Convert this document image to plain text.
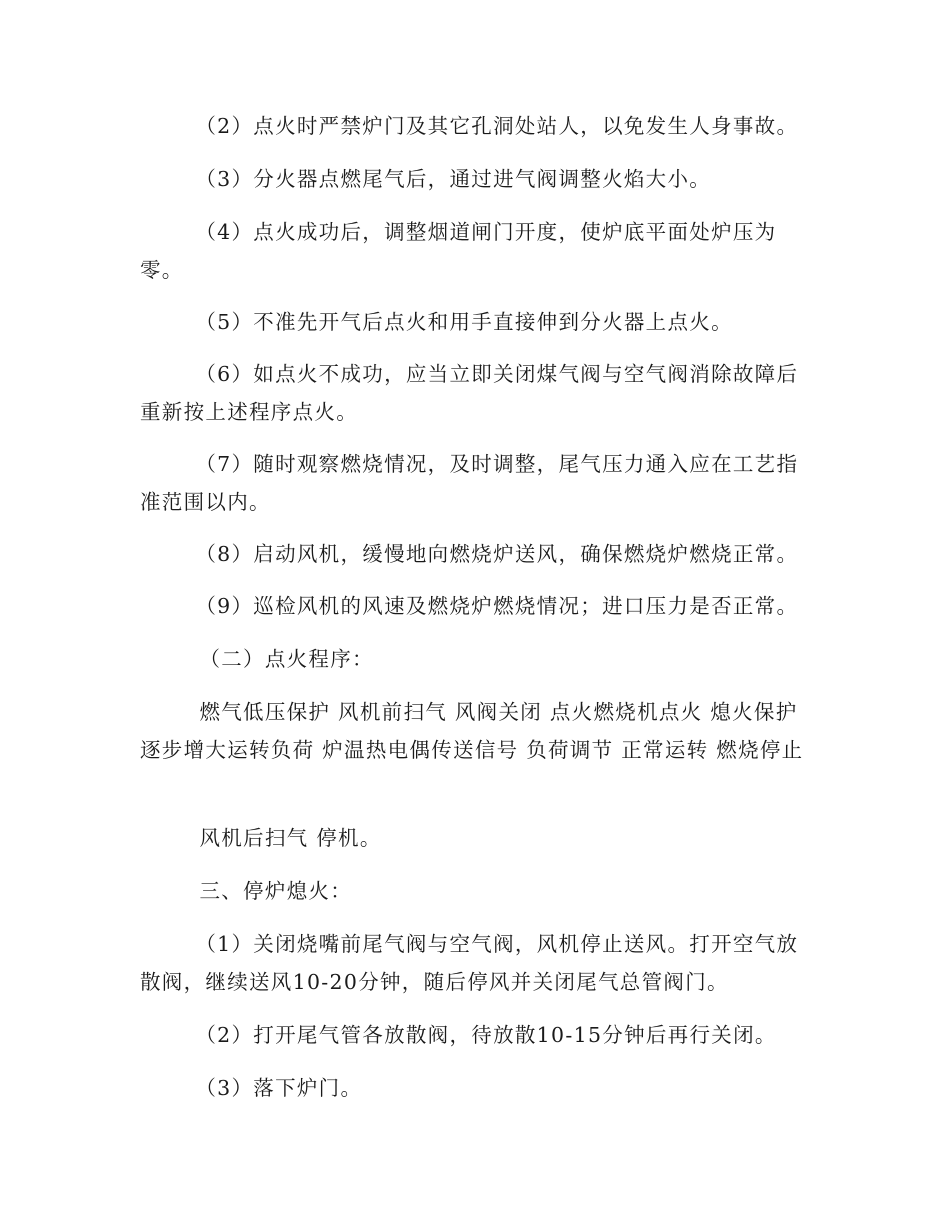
（2）点火时严禁炉门及其它孔洞处站人，以免发生人身事故。

（3）分火器点燃尾气后，通过进气阀调整火焰大小。

（4）点火成功后，调整烟道闸门开度，使炉底平面处炉压为零。

（5）不准先开气后点火和用手直接伸到分火器上点火。

（6）如点火不成功，应当立即关闭煤气阀与空气阀消除故障后重新按上述程序点火。

（7）随时观察燃烧情况，及时调整，尾气压力通入应在工艺指准范围以内。

（8）启动风机，缓慢地向燃烧炉送风，确保燃烧炉燃烧正常。

（9）巡检风机的风速及燃烧炉燃烧情况；进口压力是否正常。

（二）点火程序：

燃气低压保护 风机前扫气 风阀关闭 点火燃烧机点火 熄火保护 逐步增大运转负荷 炉温热电偶传送信号 负荷调节 正常运转 燃烧停止

风机后扫气 停机。

三、停炉熄火：

（1）关闭烧嘴前尾气阀与空气阀，风机停止送风。打开空气放散阀，继续送风10-20分钟，随后停风并关闭尾气总管阀门。

（2）打开尾气管各放散阀，待放散10-15分钟后再行关闭。

（3）落下炉门。
